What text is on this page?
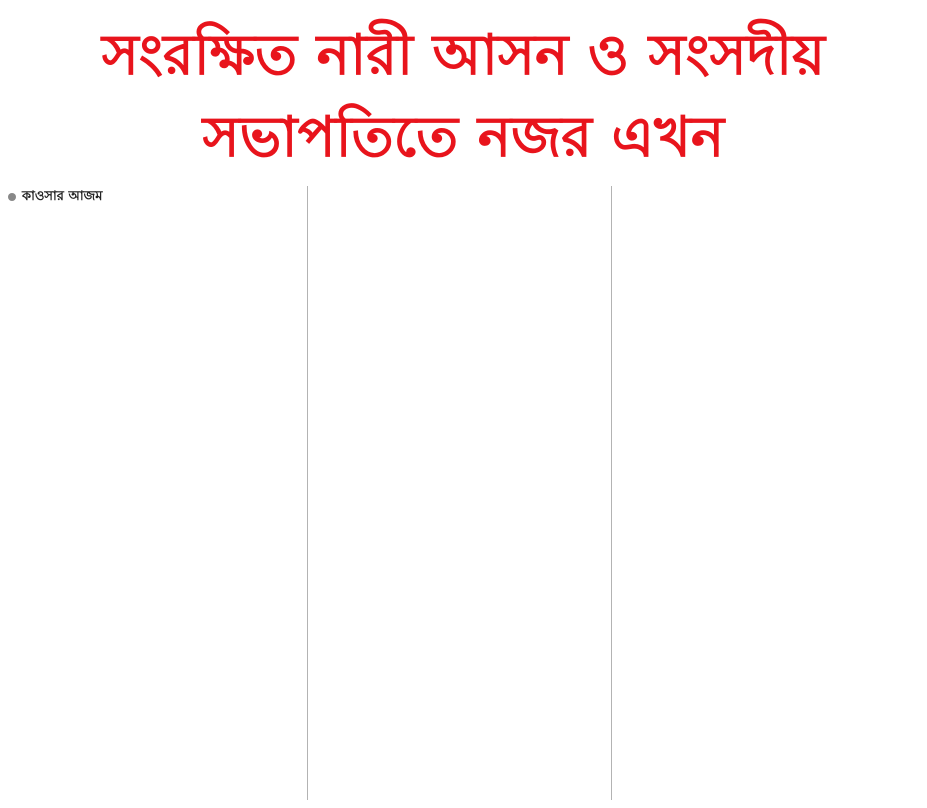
সংরক্ষিত নারী আসন ও সংসদীয়
সভাপতিতে নজর এখন
কাওসার আজম
